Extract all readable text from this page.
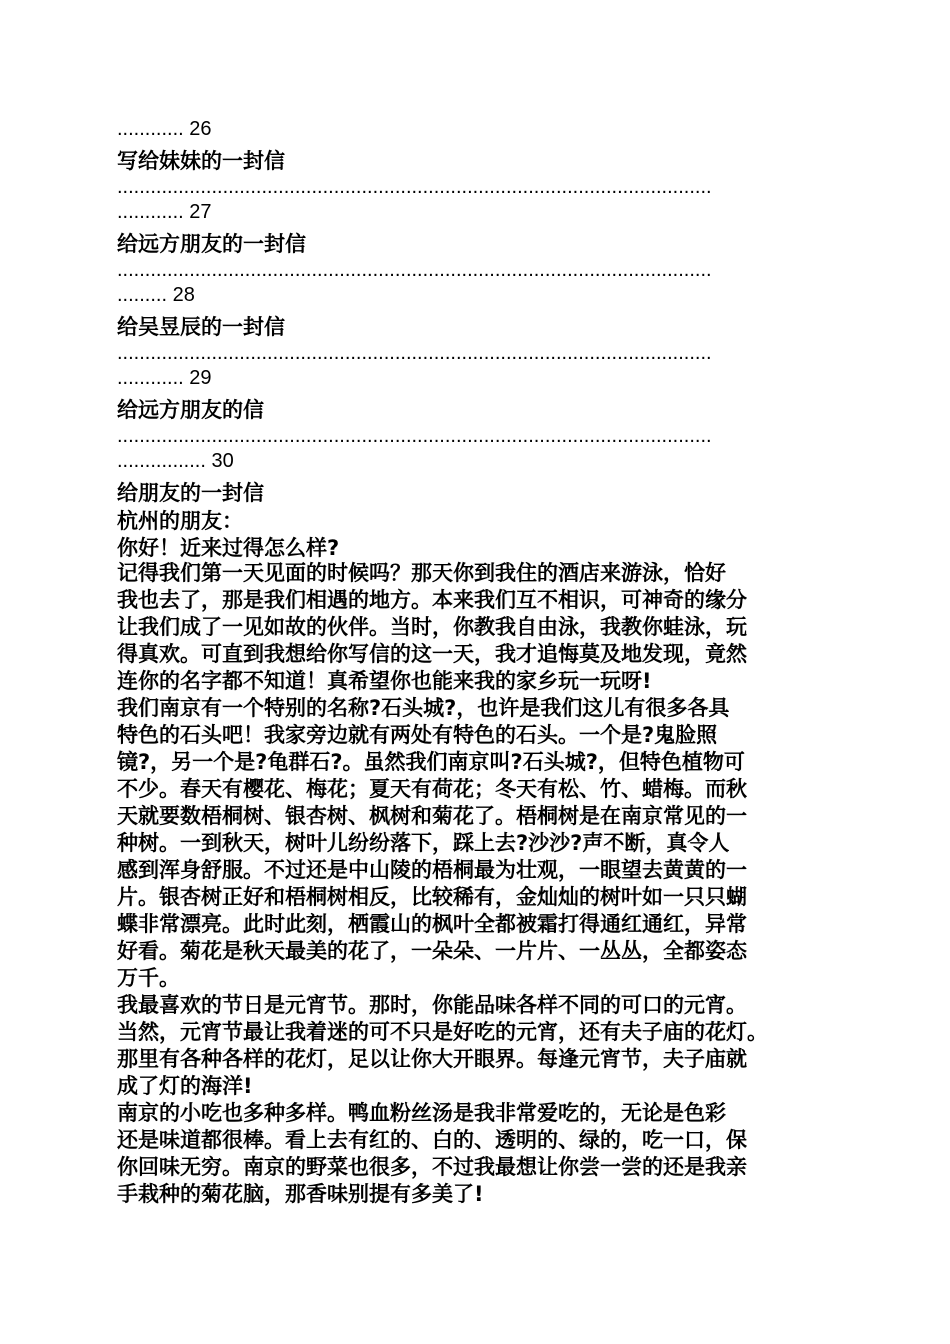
............ 26
写给妹妹的一封信
...........................................................................................................
............ 27
给远方朋友的一封信
...........................................................................................................
......... 28
给吴昱辰的一封信
...........................................................................................................
............ 29
给远方朋友的信
...........................................................................................................
................ 30
给朋友的一封信
杭州的朋友：
你好！近来过得怎么样?
记得我们第一天见面的时候吗？那天你到我住的酒店来游泳，恰好
我也去了，那是我们相遇的地方。本来我们互不相识，可神奇的缘分
让我们成了一见如故的伙伴。当时，你教我自由泳，我教你蛙泳，玩
得真欢。可直到我想给你写信的这一天，我才追悔莫及地发现，竟然
连你的名字都不知道！真希望你也能来我的家乡玩一玩呀!
我们南京有一个特别的名称?石头城?，也许是我们这儿有很多各具
特色的石头吧！我家旁边就有两处有特色的石头。一个是?鬼脸照
镜?，另一个是?龟群石?。虽然我们南京叫?石头城?，但特色植物可
不少。春天有樱花、梅花；夏天有荷花；冬天有松、竹、蜡梅。而秋
天就要数梧桐树、银杏树、枫树和菊花了。梧桐树是在南京常见的一
种树。一到秋天，树叶儿纷纷落下，踩上去?沙沙?声不断，真令人
感到浑身舒服。不过还是中山陵的梧桐最为壮观，一眼望去黄黄的一
片。银杏树正好和梧桐树相反，比较稀有，金灿灿的树叶如一只只蝴
蝶非常漂亮。此时此刻，栖霞山的枫叶全都被霜打得通红通红，异常
好看。菊花是秋天最美的花了，一朵朵、一片片、一丛丛，全都姿态
万千。
我最喜欢的节日是元宵节。那时，你能品味各样不同的可口的元宵。
当然，元宵节最让我着迷的可不只是好吃的元宵，还有夫子庙的花灯。
那里有各种各样的花灯，足以让你大开眼界。每逢元宵节，夫子庙就
成了灯的海洋!
南京的小吃也多种多样。鸭血粉丝汤是我非常爱吃的，无论是色彩
还是味道都很棒。看上去有红的、白的、透明的、绿的，吃一口，保
你回味无穷。南京的野菜也很多，不过我最想让你尝一尝的还是我亲
手栽种的菊花脑，那香味别提有多美了!
